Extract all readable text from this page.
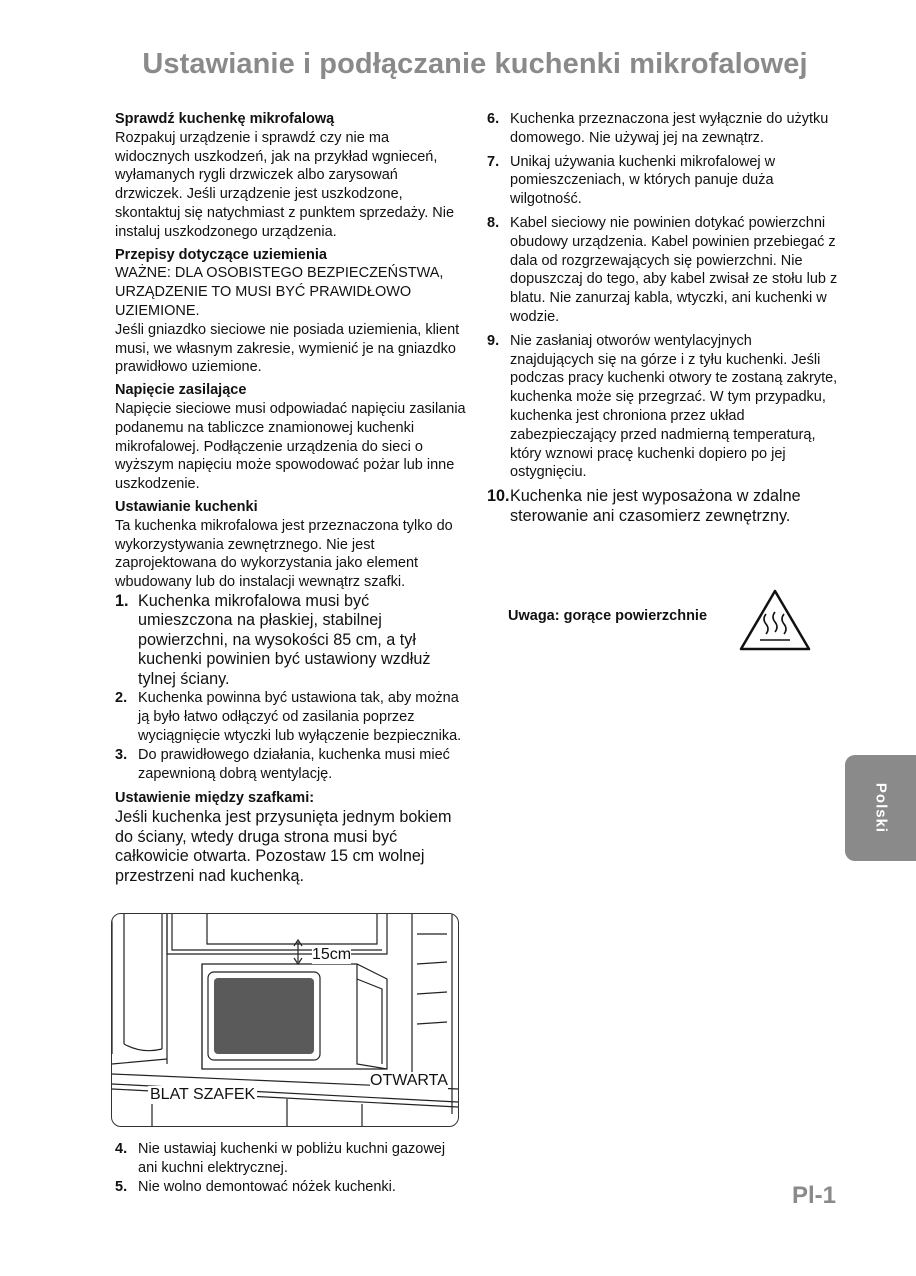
Ustawianie i podłączanie kuchenki mikrofalowej
Sprawdź kuchenkę mikrofalową

Rozpakuj urządzenie i sprawdź czy nie ma widocznych uszkodzeń, jak na przykład wgnieceń, wyłamanych rygli drzwiczek albo zarysowań drzwiczek. Jeśli urządzenie jest uszkodzone, skontaktuj się natychmiast z punktem sprzedaży. Nie instaluj uszkodzonego urządzenia.

Przepisy dotyczące uziemienia

WAŻNE: DLA OSOBISTEGO BEZPIECZEŃSTWA, URZĄDZENIE TO MUSI BYĆ PRAWIDŁOWO UZIEMIONE.

Jeśli gniazdko sieciowe nie posiada uziemienia, klient musi, we własnym zakresie, wymienić je na gniazdko prawidłowo uziemione.

Napięcie zasilające

Napięcie sieciowe musi odpowiadać napięciu zasilania podanemu na tabliczce znamionowej kuchenki mikrofalowej. Podłączenie urządzenia do sieci o wyższym napięciu może spowodować pożar lub inne uszkodzenie.

Ustawianie kuchenki

Ta kuchenka mikrofalowa jest przeznaczona tylko do wykorzystywania zewnętrznego. Nie jest zaprojektowana do wykorzystania jako element wbudowany lub do instalacji wewnątrz szafki.

1. Kuchenka mikrofalowa musi być umieszczona na płaskiej, stabilnej powierzchni, na wysokości 85 cm, a tył kuchenki powinien być ustawiony wzdłuż tylnej ściany.
2. Kuchenka powinna być ustawiona tak, aby można ją było łatwo odłączyć od zasilania poprzez wyciągnięcie wtyczki lub wyłączenie bezpiecznika.
3. Do prawidłowego działania, kuchenka musi mieć zapewnioną dobrą wentylację.
Ustawienie między szafkami:

Jeśli kuchenka jest przysunięta jednym bokiem do ściany, wtedy druga strona musi być całkowicie otwarta. Pozostaw 15 cm wolnej przestrzeni nad kuchenką.

15cm
OTWARTA
BLAT SZAFEK
4. Nie ustawiaj kuchenki w pobliżu kuchni gazowej ani kuchni elektrycznej.
5. Nie wolno demontować nóżek kuchenki.
6. Kuchenka przeznaczona jest wyłącznie do użytku domowego. Nie używaj jej na zewnątrz.
7. Unikaj używania kuchenki mikrofalowej w pomieszczeniach, w których panuje duża wilgotność.
8. Kabel sieciowy nie powinien dotykać powierzchni obudowy urządzenia. Kabel powinien przebiegać z dala od rozgrzewających się powierzchni. Nie dopuszczaj do tego, aby kabel zwisał ze stołu lub z blatu. Nie zanurzaj kabla, wtyczki, ani kuchenki w wodzie.
9. Nie zasłaniaj otworów wentylacyjnych znajdujących się na górze i z tyłu kuchenki. Jeśli podczas pracy kuchenki otwory te zostaną zakryte, kuchenka może się przegrzać. W tym przypadku, kuchenka jest chroniona przez układ zabezpieczający przed nadmierną temperaturą, który wznowi pracę kuchenki dopiero po jej ostygnięciu.
10. Kuchenka nie jest wyposażona w zdalne sterowanie ani czasomierz zewnętrzny.
Uwaga: gorące powierzchnie
Polski
Pl-1
